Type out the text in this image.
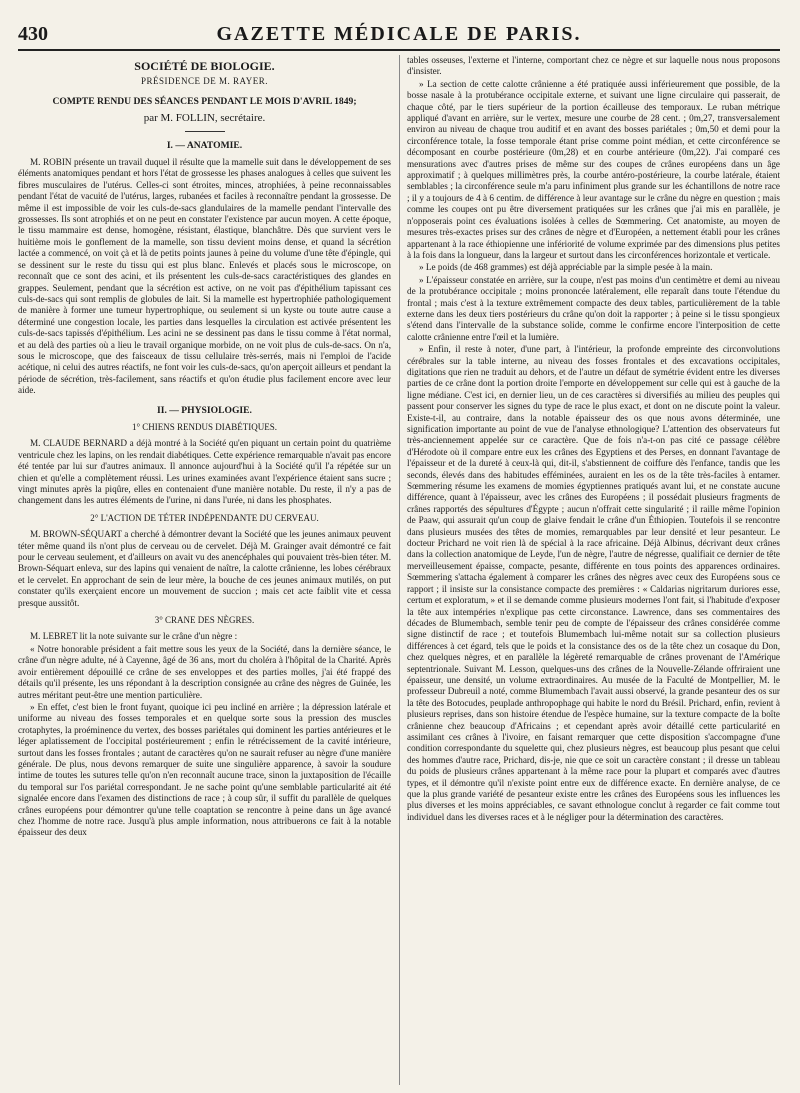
430	GAZETTE MÉDICALE DE PARIS.
SOCIÉTÉ DE BIOLOGIE.
PRÉSIDENCE DE M. RAYER.
COMPTE RENDU DES SÉANCES PENDANT LE MOIS D'AVRIL 1849;
par M. FOLLIN, secrétaire.
I. — ANATOMIE.

M. ROBIN présente un travail duquel il résulte que la mamelle suit dans le développement de ses éléments anatomiques pendant et hors l'état de grossesse les phases analogues à celles que suivent les fibres musculaires de l'utérus. Celles-ci sont étroites, minces, atrophiées, à peine reconnaissables pendant l'état de vacuité de l'utérus, larges, rubanées et faciles à reconnaître pendant la grossesse. De même il est impossible de voir les culs-de-sacs glandulaires de la mamelle pendant l'intervalle des grossesses. Ils sont atrophiés et on ne peut en constater l'existence par aucun moyen. A cette époque, le tissu mammaire est dense, homogène, résistant, élastique, blanchâtre. Dès que survient vers le huitième mois le gonflement de la mamelle, son tissu devient moins dense, et quand la sécrétion lactée a commencé, on voit çà et là de petits points jaunes à peine du volume d'une tête d'épingle, qui se dessinent sur le reste du tissu qui est plus blanc. Enlevés et placés sous le microscope, on reconnaît que ce sont des acini, et ils présentent les culs-de-sacs caractéristiques des glandes en grappes. Seulement, pendant que la sécrétion est active, on ne voit pas d'épithélium tapissant ces culs-de-sacs qui sont remplis de globules de lait. Si la mamelle est hypertrophiée pathologiquement de manière à former une tumeur hypertrophique, ou seulement si un kyste ou toute autre cause a déterminé une congestion locale, les parties dans lesquelles la circulation est activée présentent les culs-de-sacs tapissés d'épithélium. Les acini ne se dessinent pas dans le tissu comme à l'état normal, et au delà des parties où a lieu le travail organique morbide, on ne voit plus de culs-de-sacs. On n'a, sous le microscope, que des faisceaux de tissu cellulaire très-serrés, mais ni l'emploi de l'acide acétique, ni celui des autres réactifs, ne font voir les culs-de-sacs, qu'on aperçoit ailleurs et pendant la période de sécrétion, très-facilement, sans réactifs et qu'on étudie plus facilement encore avec leur aide.

II. — PHYSIOLOGIE.
1° CHIENS RENDUS DIABÉTIQUES.

M. CLAUDE BERNARD a déjà montré à la Société qu'en piquant un certain point du quatrième ventricule chez les lapins, on les rendait diabétiques. Cette expérience remarquable n'avait pas encore été tentée par lui sur d'autres animaux. Il annonce aujourd'hui à la Société qu'il l'a répétée sur un chien et qu'elle a complètement réussi. Les urines examinées avant l'expérience étaient sans sucre ; vingt minutes après la piqûre, elles en contenaient d'une manière notable. Du reste, il n'y a pas de changement dans les autres éléments de l'urine, ni dans l'urée, ni dans les phosphates.

2° L'ACTION DE TÉTER INDÉPENDANTE DU CERVEAU.

M. BROWN-SÉQUART a cherché à démontrer devant la Société que les jeunes animaux peuvent téter même quand ils n'ont plus de cerveau ou de cervelet. Déjà M. Grainger avait démontré ce fait pour le cerveau seulement, et d'ailleurs on avait vu des anencéphales qui pouvaient très-bien téter. M. Brown-Séquart enleva, sur des lapins qui venaient de naître, la calotte crânienne, les lobes cérébraux et le cervelet. En approchant de sein de leur mère, la bouche de ces jeunes animaux mutilés, on put constater qu'ils exerçaient encore un mouvement de succion ; mais cet acte faiblit vite et cessa presque aussitôt.

3° CRANE DES NÈGRES.

M. LEBRET lit la note suivante sur le crâne d'un nègre :

« Notre honorable président a fait mettre sous les yeux de la Société, dans la dernière séance, le crâne d'un nègre adulte, né à Cayenne, âgé de 36 ans, mort du choléra à l'hôpital de la Charité. Après avoir entièrement dépouillé ce crâne de ses enveloppes et des parties molles, j'ai été frappé des détails qu'il présente, les uns répondant à la description consignée au crâne des nègres de Guinée, les autres méritant peut-être une mention particulière.

» En effet, c'est bien le front fuyant, quoique ici peu incliné en arrière ; la dépression latérale et uniforme au niveau des fosses temporales et en quelque sorte sous la pression des muscles crotaphytes, la proéminence du vertex, des bosses pariétales qui dominent les parties antérieures et le léger aplatissement de l'occipital postérieurement ; enfin le rétrécissement de la cavité intérieure, surtout dans les fosses frontales ; autant de caractères qu'on ne saurait refuser au nègre d'une manière générale. De plus, nous devons remarquer de suite une singulière apparence, à savoir la soudure intime de toutes les sutures telle qu'on n'en reconnaît aucune trace, sinon la juxtaposition de l'écaille du temporal sur l'os pariétal correspondant. Je ne sache point qu'une semblable particularité ait été signalée encore dans l'examen des distinctions de race ; à coup sûr, il suffit du parallèle de quelques crânes européens pour démontrer qu'une telle coaptation se rencontre à peine dans un âge avancé chez l'homme de notre race. Jusqu'à plus ample information, nous attribuerons ce fait à la notable épaisseur des deux

tables osseuses, l'externe et l'interne, comportant chez ce nègre et sur laquelle nous nous proposons d'insister.

» La section de cette calotte crânienne a été pratiquée aussi inférieurement que possible, de la bosse nasale à la protubérance occipitale externe, et suivant une ligne circulaire qui passerait, de chaque côté, par le tiers supérieur de la portion écailleuse des temporaux. Le ruban métrique appliqué d'avant en arrière, sur le vertex, mesure une courbe de 28 cent. ; 0m,27, transversalement environ au niveau de chaque trou auditif et en avant des bosses pariétales ; 0m,50 et demi pour la circonférence totale, la fosse temporale étant prise comme point médian, et cette circonférence se décomposant en courbe postérieure (0m,28) et en courbe antérieure (0m,22). J'ai comparé ces mensurations avec d'autres prises de même sur des coupes de crânes européens dans un âge approximatif ; à quelques millimètres près, la courbe antéro-postérieure, la courbe latérale, étaient semblables ; la circonférence seule m'a paru infiniment plus grande sur les échantillons de notre race ; il y a toujours de 4 à 6 centim. de différence à leur avantage sur le crâne du nègre en question ; mais comme les coupes ont pu être diversement pratiquées sur les crânes que j'ai mis en parallèle, je n'opposerais point ces évaluations isolées à celles de Sœmmering. Cet anatomiste, au moyen de mesures très-exactes prises sur des crânes de nègre et d'Européen, a nettement établi pour les crânes appartenant à la race éthiopienne une infériorité de volume exprimée par des dimensions plus petites à la fois dans la longueur, dans la largeur et surtout dans les circonférences horizontale et verticale.

» Le poids (de 468 grammes) est déjà appréciable par la simple pesée à la main.

» L'épaisseur constatée en arrière, sur la coupe, n'est pas moins d'un centimètre et demi au niveau de la protubérance occipitale ; moins prononcée latéralement, elle reparaît dans toute l'étendue du frontal ; mais c'est à la texture extrêmement compacte des deux tables, particulièrement de la table externe dans les deux tiers postérieurs du crâne qu'on doit la rapporter ; à peine si le tissu spongieux s'étend dans l'intervalle de la substance solide, comme le confirme encore l'interposition de cette calotte crânienne entre l'œil et la lumière.

» Enfin, il reste à noter, d'une part, à l'intérieur, la profonde empreinte des circonvolutions cérébrales sur la table interne, au niveau des fosses frontales et des excavations occipitales, digitations que rien ne traduit au dehors, et de l'autre un défaut de symétrie évident entre les diverses parties de ce crâne dont la portion droite l'emporte en développement sur celle qui est à gauche de la ligne médiane. C'est ici, en dernier lieu, un de ces caractères si diversifiés au milieu des peuples qui passent pour conserver les signes du type de race le plus exact, et dont on ne discute point la valeur. Existe-t-il, au contraire, dans la notable épaisseur des os que nous avons déterminée, une signification importante au point de vue de l'analyse ethnologique? L'attention des observateurs fut très-anciennement appelée sur ce caractère. Que de fois n'a-t-on pas cité ce passage célèbre d'Hérodote où il compare entre eux les crânes des Egyptiens et des Perses, en donnant l'avantage de l'épaisseur et de la dureté à ceux-là qui, dit-il, s'abstiennent de coiffure dès l'enfance, tandis que les seconds, élevés dans des habitudes efféminées, auraient en les os de la tête très-faciles à entamer. Sœmmering résume les examens de momies égyptiennes pratiqués avant lui, et ne constate aucune différence, quant à l'épaisseur, avec les crânes des Européens ; il possédait plusieurs fragments de crânes rapportés des sépultures d'Égypte ; aucun n'offrait cette singularité ; il raille même l'opinion de Paaw, qui assurait qu'un coup de glaive fendait le crâne d'un Éthiopien. Toutefois il se rencontre dans plusieurs musées des têtes de momies, remarquables par leur densité et leur pesanteur. Le docteur Prichard ne voit rien là de spécial à la race africaine. Déjà Albinus, décrivant deux crânes dans la collection anatomique de Leyde, l'un de nègre, l'autre de négresse, qualifiait ce dernier de tête merveilleusement épaisse, compacte, pesante, différente en tous points des apparences ordinaires. Sœmmering s'attacha également à comparer les crânes des nègres avec ceux des Européens sous ce rapport ; il insiste sur la consistance compacte des premières : « Caldarias nigritarum duriores esse, certum et exploratum, » et il se demande comme plusieurs modernes l'ont fait, si l'habitude d'exposer la tête aux intempéries n'explique pas cette circonstance. Lawrence, dans ses commentaires des décades de Blumembach, semble tenir peu de compte de l'épaisseur des crânes considérée comme signe distinctif de race ; et toutefois Blumembach lui-même notait sur sa collection plusieurs différences à cet égard, tels que le poids et la consistance des os de la tête chez un cosaque du Don, chez quelques nègres, et en parallèle la légèreté remarquable de crânes provenant de l'Amérique septentrionale. Suivant M. Lesson, quelques-uns des crânes de la Nouvelle-Zélande offriraient une épaisseur, une densité, un volume extraordinaires. Au musée de la Faculté de Montpellier, M. le professeur Dubreuil a noté, comme Blumembach l'avait aussi observé, la grande pesanteur des os sur la tête des Botocudes, peuplade anthropophage qui habite le nord du Brésil. Prichard, enfin, revient à plusieurs reprises, dans son histoire étendue de l'espèce humaine, sur la texture compacte de la boîte crânienne chez beaucoup d'Africains ; et cependant après avoir détaillé cette particularité en assimilant ces crânes à l'ivoire, en faisant remarquer que cette disposition s'accompagne d'une condition correspondante du squelette qui, chez plusieurs nègres, est beaucoup plus pesant que celui des hommes d'autre race, Prichard, dis-je, nie que ce soit un caractère constant ; il dresse un tableau du poids de plusieurs crânes appartenant à la même race pour la plupart et comparés avec d'autres types, et il démontre qu'il n'existe point entre eux de différence exacte. En dernière analyse, de ce que la plus grande variété de pesanteur existe entre les crânes des Européens sous les influences les plus diverses et les moins appréciables, ce savant ethnologue conclut à regarder ce fait comme tout individuel dans les diverses races et à le négliger pour la détermination des caractères.
